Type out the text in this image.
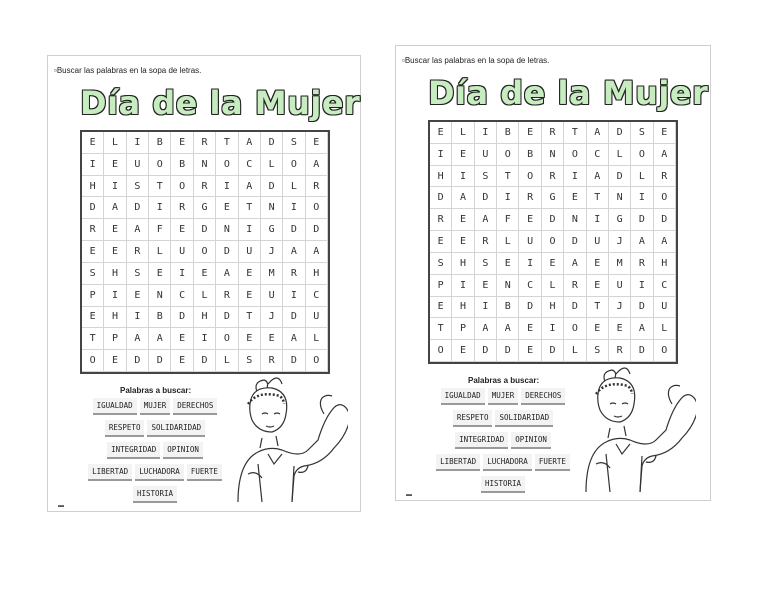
▫Buscar las palabras en la sopa de letras.
Día de la Mujer
E	L	I	B	E	R	T	A	D	S	E
I	E	U	O	B	N	O	C	L	O	A
H	I	S	T	O	R	I	A	D	L	R
D	A	D	I	R	G	E	T	N	I	O
R	E	A	F	E	D	N	I	G	D	D
E	E	R	L	U	O	D	U	J	A	A
S	H	S	E	I	E	A	E	M	R	H
P	I	E	N	C	L	R	E	U	I	C
E	H	I	B	D	H	D	T	J	D	U
T	P	A	A	E	I	O	E	E	A	L
O	E	D	D	E	D	L	S	R	D	O
Palabras a buscar:
IGUALDAD	MUJER	DERECHOS
RESPETO	SOLIDARIDAD
INTEGRIDAD	OPINION
LIBERTAD	LUCHADORA	FUERTE
HISTORIA
▬
▫Buscar las palabras en la sopa de letras.
Día de la Mujer
E	L	I	B	E	R	T	A	D	S	E
I	E	U	O	B	N	O	C	L	O	A
H	I	S	T	O	R	I	A	D	L	R
D	A	D	I	R	G	E	T	N	I	O
R	E	A	F	E	D	N	I	G	D	D
E	E	R	L	U	O	D	U	J	A	A
S	H	S	E	I	E	A	E	M	R	H
P	I	E	N	C	L	R	E	U	I	C
E	H	I	B	D	H	D	T	J	D	U
T	P	A	A	E	I	O	E	E	A	L
O	E	D	D	E	D	L	S	R	D	O
Palabras a buscar:
IGUALDAD	MUJER	DERECHOS
RESPETO	SOLIDARIDAD
INTEGRIDAD	OPINION
LIBERTAD	LUCHADORA	FUERTE
HISTORIA
▬
